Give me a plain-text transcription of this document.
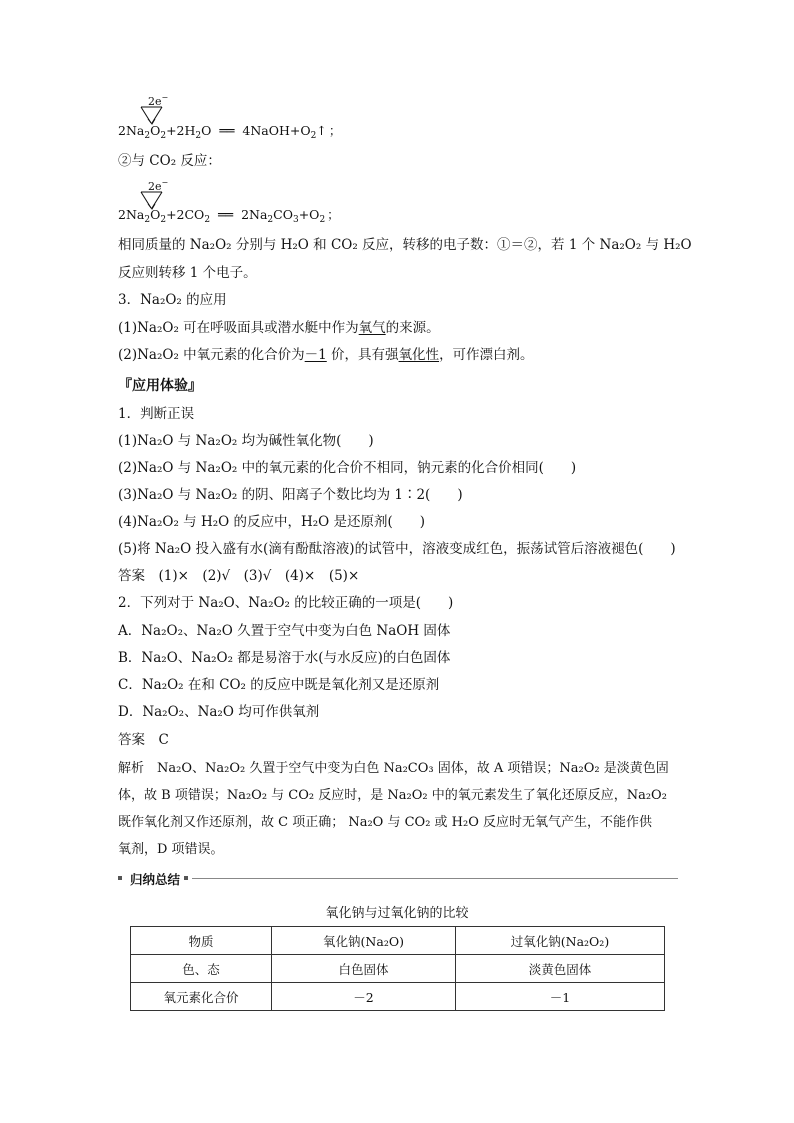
2e−
$2Na_2O_2+2H_2O$ ══ $4NaOH+O_2↑$ ；
②与 CO₂ 反应：
2e−
$2Na_2O_2+2CO_2$ ══ $2Na_2CO_3+O_2$ ；
相同质量的 Na₂O₂ 分别与 H₂O 和 CO₂ 反应，转移的电子数：①＝②，若 1 个 Na₂O₂ 与 H₂O
反应则转移 1 个电子。
3．Na₂O₂ 的应用
(1)Na₂O₂ 可在呼吸面具或潜水艇中作为氧气的来源。
(2)Na₂O₂ 中氧元素的化合价为－1 价，具有强氧化性，可作漂白剂。
『应用体验』
1．判断正误
(1)Na₂O 与 Na₂O₂ 均为碱性氧化物(　　)
(2)Na₂O 与 Na₂O₂ 中的氧元素的化合价不相同，钠元素的化合价相同(　　)
(3)Na₂O 与 Na₂O₂ 的阴、阳离子个数比均为 1∶2(　　)
(4)Na₂O₂ 与 H₂O 的反应中，H₂O 是还原剂(　　)
(5)将 Na₂O 投入盛有水(滴有酚酞溶液)的试管中，溶液变成红色，振荡试管后溶液褪色(　　)
答案　(1)×　(2)√　(3)√　(4)×　(5)×
2．下列对于 Na₂O、Na₂O₂ 的比较正确的一项是(　　)
A．Na₂O₂、Na₂O 久置于空气中变为白色 NaOH 固体
B．Na₂O、Na₂O₂ 都是易溶于水(与水反应)的白色固体
C．Na₂O₂ 在和 CO₂ 的反应中既是氧化剂又是还原剂
D．Na₂O₂、Na₂O 均可作供氧剂
答案　C
解析　Na₂O、Na₂O₂ 久置于空气中变为白色 Na₂CO₃ 固体，故 A 项错误；Na₂O₂ 是淡黄色固
体，故 B 项错误；Na₂O₂ 与 CO₂ 反应时，是 Na₂O₂ 中的氧元素发生了氧化还原反应，Na₂O₂
既作氧化剂又作还原剂，故 C 项正确； Na₂O 与 CO₂ 或 H₂O 反应时无氧气产生，不能作供
氧剂，D 项错误。
归纳总结
氧化钠与过氧化钠的比较
物质	氧化钠(Na₂O)	过氧化钠(Na₂O₂)
色、态	白色固体	淡黄色固体
氧元素化合价	－2	－1
